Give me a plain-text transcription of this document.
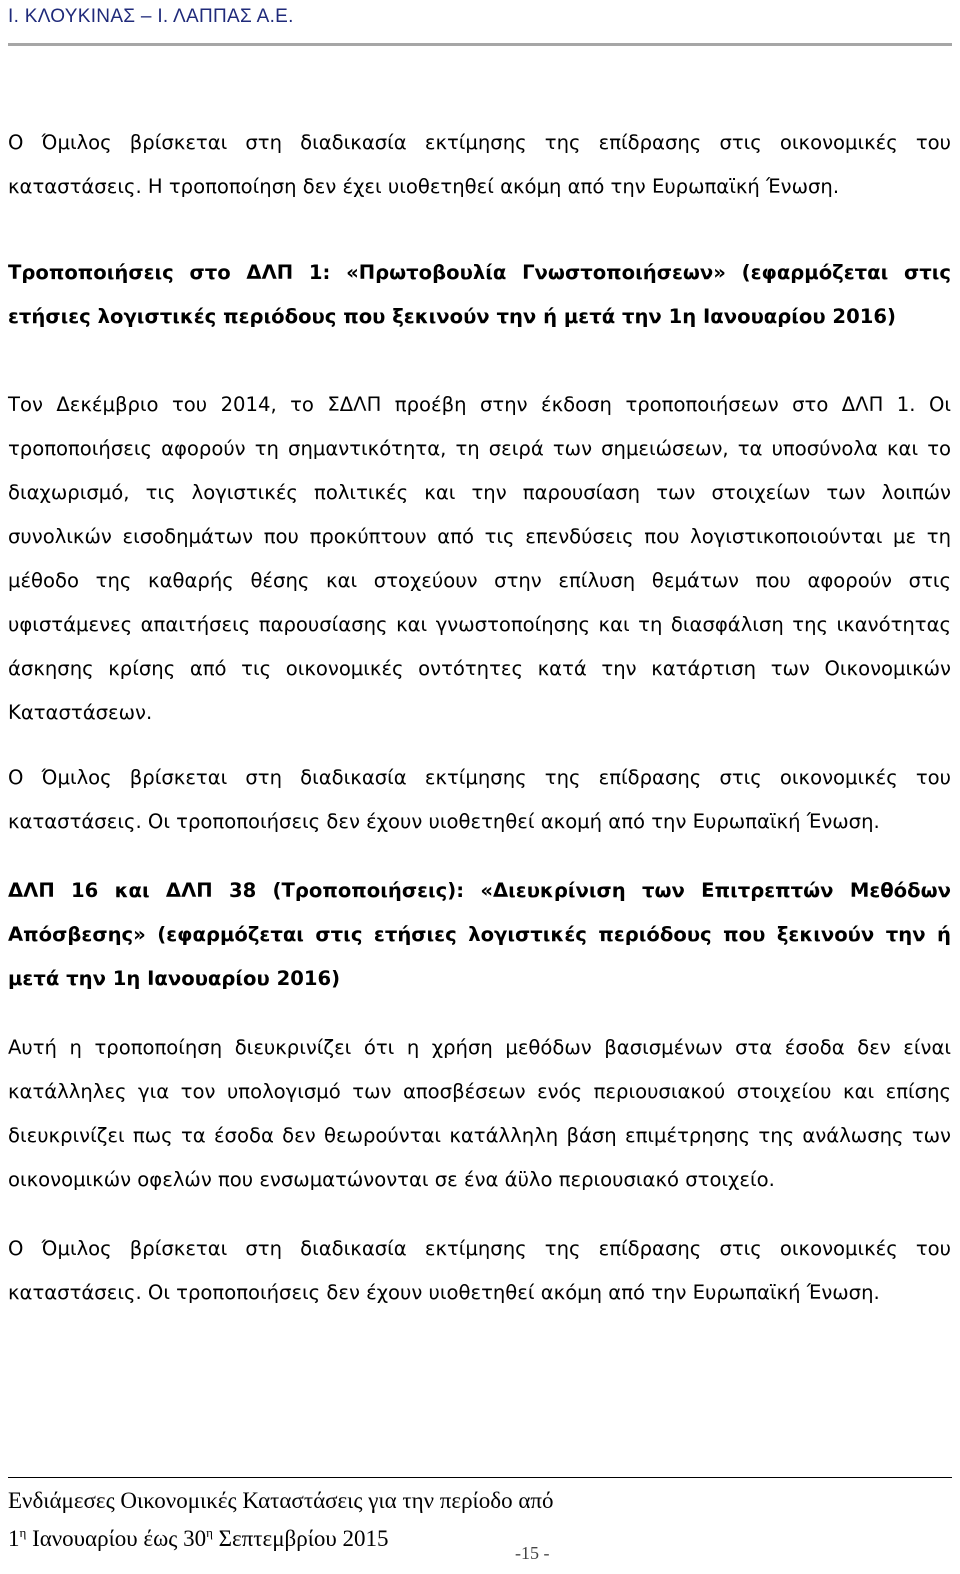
Ι. ΚΛΟΥΚΙΝΑΣ – Ι. ΛΑΠΠΑΣ Α.Ε.

Ο Όμιλος βρίσκεται στη διαδικασία εκτίμησης της επίδρασης στις οικονομικές του καταστάσεις. Η τροποποίηση δεν έχει υιοθετηθεί ακόμη από την Ευρωπαϊκή Ένωση.

Τροποποιήσεις στο ΔΛΠ 1: «Πρωτοβουλία Γνωστοποιήσεων» (εφαρμόζεται στις ετήσιες λογιστικές περιόδους που ξεκινούν την ή μετά την 1η Ιανουαρίου 2016)

Τον Δεκέμβριο του 2014, το ΣΔΛΠ προέβη στην έκδοση τροποποιήσεων στο ΔΛΠ 1. Οι τροποποιήσεις αφορούν τη σημαντικότητα, τη σειρά των σημειώσεων, τα υποσύνολα και το διαχωρισμό, τις λογιστικές πολιτικές και την παρουσίαση των στοιχείων των λοιπών συνολικών εισοδημάτων που προκύπτουν από τις επενδύσεις που λογιστικοποιούνται με τη μέθοδο της καθαρής θέσης και στοχεύουν στην επίλυση θεμάτων που αφορούν στις υφιστάμενες απαιτήσεις παρουσίασης και γνωστοποίησης και τη διασφάλιση της ικανότητας άσκησης κρίσης από τις οικονομικές οντότητες κατά την κατάρτιση των Οικονομικών Καταστάσεων.

Ο Όμιλος βρίσκεται στη διαδικασία εκτίμησης της επίδρασης στις οικονομικές του καταστάσεις. Οι τροποποιήσεις δεν έχουν υιοθετηθεί ακομή από την Ευρωπαϊκή Ένωση.

ΔΛΠ 16 και ΔΛΠ 38 (Τροποποιήσεις): «Διευκρίνιση των Επιτρεπτών Μεθόδων Απόσβεσης» (εφαρμόζεται στις ετήσιες λογιστικές περιόδους που ξεκινούν την ή μετά την 1η Ιανουαρίου 2016)

Αυτή η τροποποίηση διευκρινίζει ότι η χρήση μεθόδων βασισμένων στα έσοδα δεν είναι κατάλληλες για τον υπολογισμό των αποσβέσεων ενός περιουσιακού στοιχείου και επίσης διευκρινίζει πως τα έσοδα δεν θεωρούνται κατάλληλη βάση επιμέτρησης της ανάλωσης των οικονομικών οφελών που ενσωματώνονται σε ένα άϋλο περιουσιακό στοιχείο.

Ο Όμιλος βρίσκεται στη διαδικασία εκτίμησης της επίδρασης στις οικονομικές του καταστάσεις. Οι τροποποιήσεις δεν έχουν υιοθετηθεί ακόμη από την Ευρωπαϊκή Ένωση.

Ενδιάμεσες Οικονομικές Καταστάσεις για την περίοδο από
$1^\eta$ Ιανουαρίου έως $30^\eta$ Σεπτεμβρίου 2015
-15 -
